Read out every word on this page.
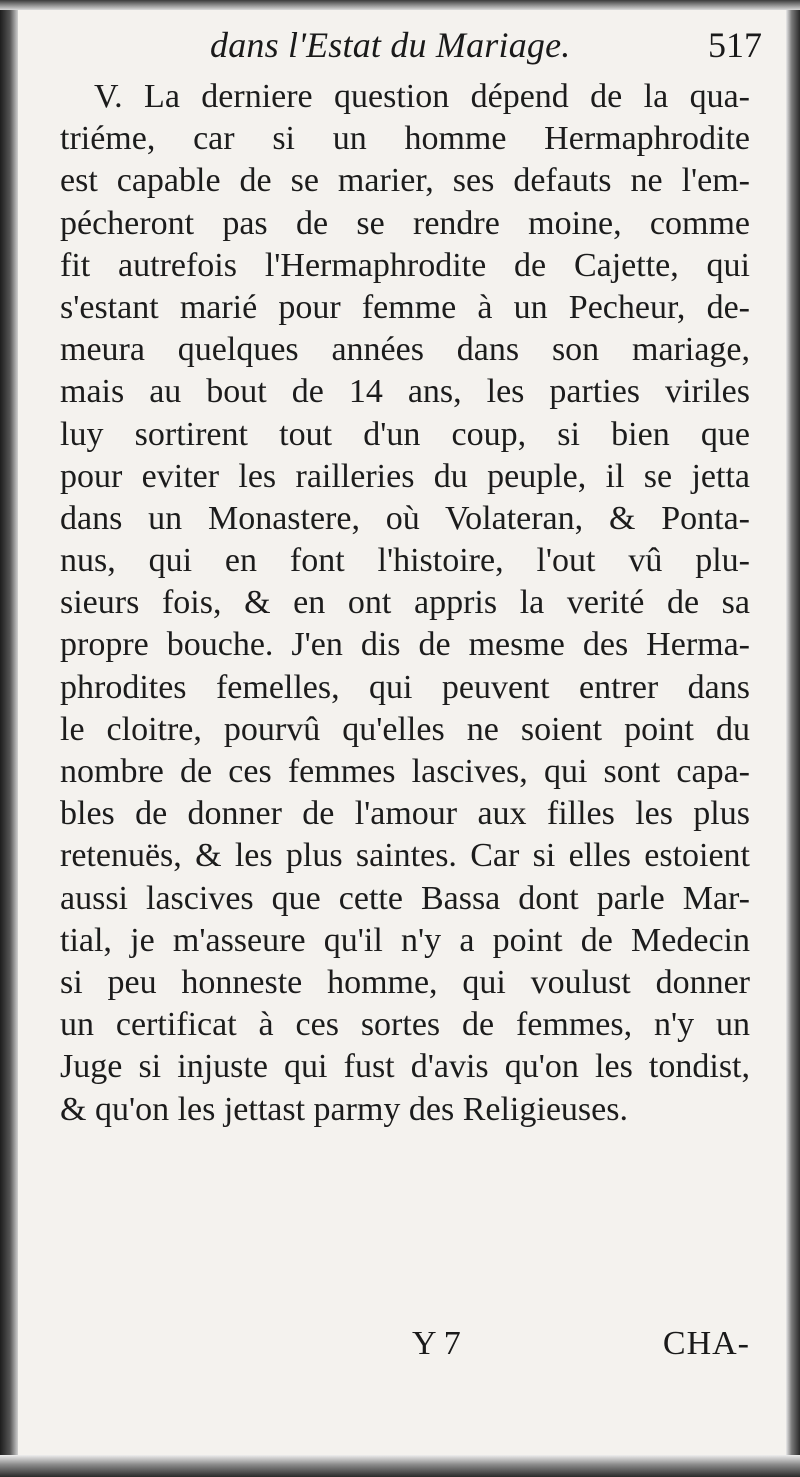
dans l'Estat du Mariage.	517
V. La derniere question dépend de la qua-
triéme, car si un homme Hermaphrodite
est capable de se marier, ses defauts ne l'em-
pécheront pas de se rendre moine, comme
fit autrefois l'Hermaphrodite de Cajette, qui
s'estant marié pour femme à un Pecheur, de-
meura quelques années dans son mariage,
mais au bout de 14 ans, les parties viriles
luy sortirent tout d'un coup, si bien que
pour eviter les railleries du peuple, il se jetta
dans un Monastere, où Volateran, & Ponta-
nus, qui en font l'histoire, l'out vû plu-
sieurs fois, & en ont appris la verité de sa
propre bouche. J'en dis de mesme des Herma-
phrodites femelles, qui peuvent entrer dans
le cloitre, pourvû qu'elles ne soient point du
nombre de ces femmes lascives, qui sont capa-
bles de donner de l'amour aux filles les plus
retenuës, & les plus saintes. Car si elles estoient
aussi lascives que cette Bassa dont parle Mar-
tial, je m'asseure qu'il n'y a point de Medecin
si peu honneste homme, qui voulust donner
un certificat à ces sortes de femmes, n'y un
Juge si injuste qui fust d'avis qu'on les tondist,
& qu'on les jettast parmy des Religieuses.
Y 7	CHA-
